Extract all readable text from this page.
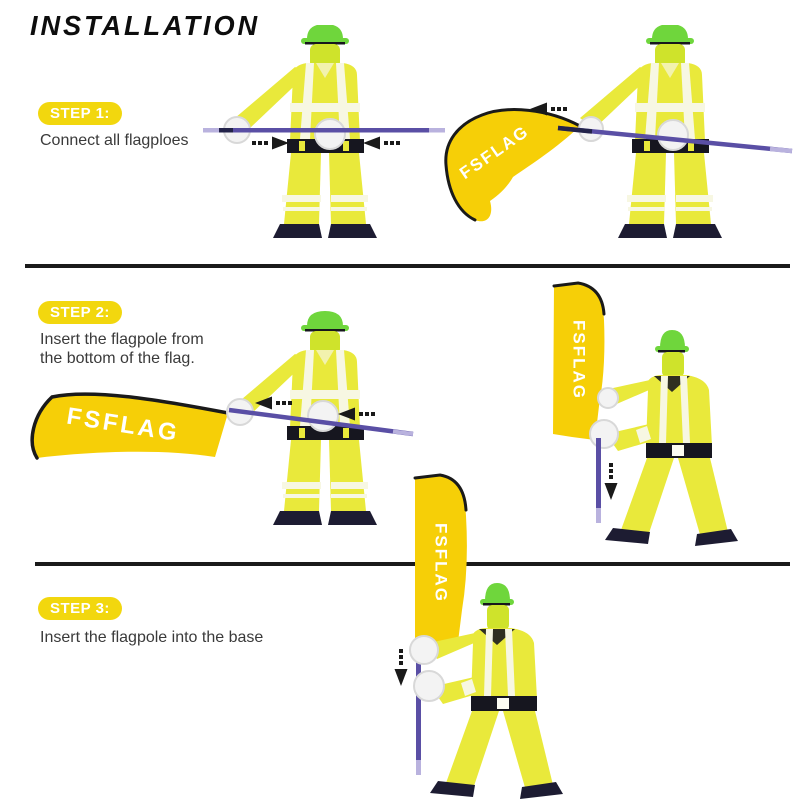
INSTALLATION
STEP 1:
Connect all flagploes
STEP 2:
Insert the flagpole from
the bottom of the flag.
STEP 3:
Insert the flagpole into the base
FSFLAG
FSFLAG
FSFLAG
FSFLAG
